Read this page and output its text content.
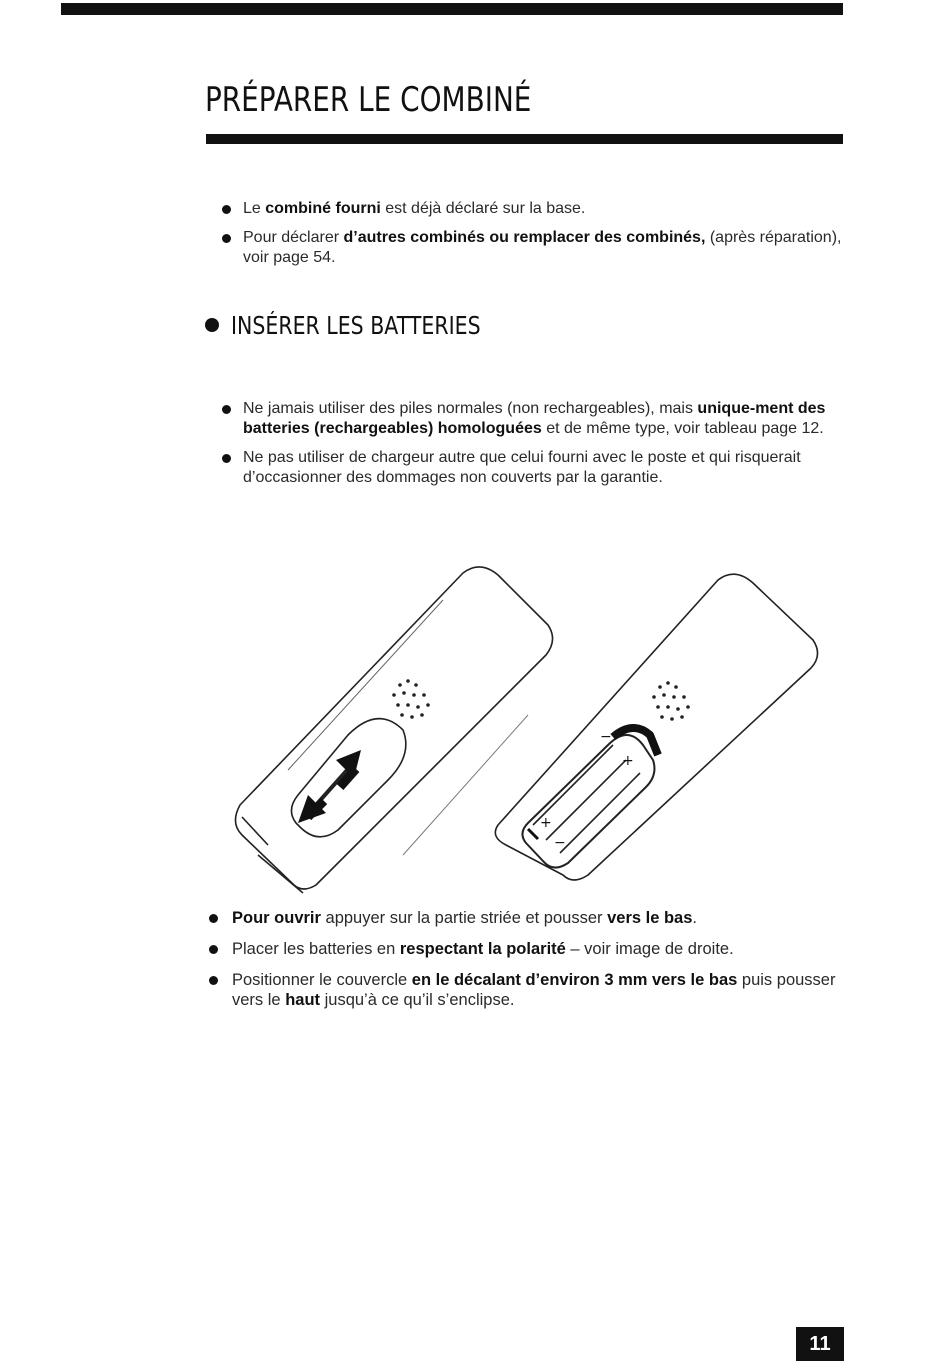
PRÉPARER LE COMBINÉ
Le combiné fourni est déjà déclaré sur la base.
Pour déclarer d’autres combinés ou remplacer des combinés, (après réparation), voir page 54.
INSÉRER LES BATTERIES
Ne jamais utiliser des piles normales (non rechargeables), mais unique-ment des batteries (rechargeables) homologuées et de même type, voir tableau page 12.
Ne pas utiliser de chargeur autre que celui fourni avec le poste et qui risquerait d’occasionner des dommages non couverts par la garantie.
+
+
−
−
Pour ouvrir appuyer sur la partie striée et pousser vers le bas.
Placer les batteries en respectant la polarité – voir image de droite.
Positionner le couvercle en le décalant d’environ 3 mm vers le bas puis pousser vers le haut jusqu’à ce qu’il s’enclipse.
11
